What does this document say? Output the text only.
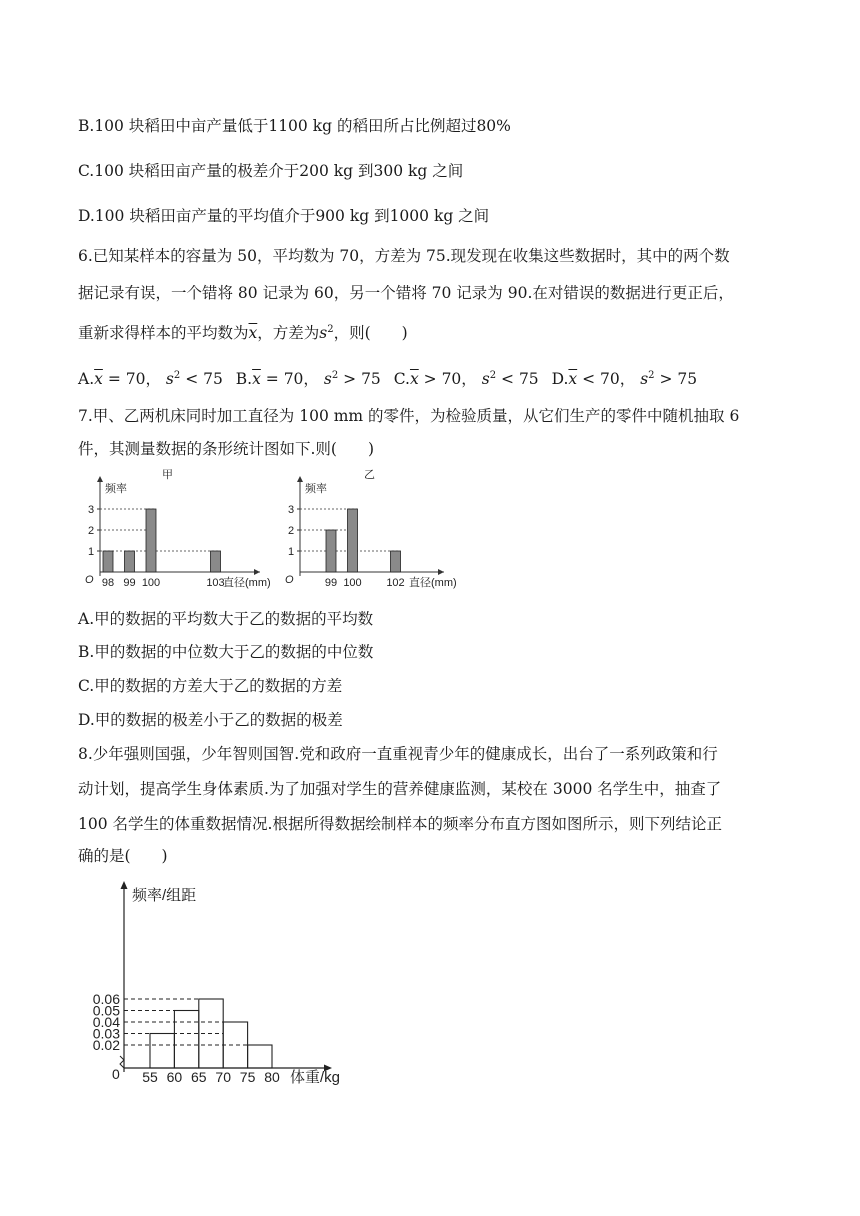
B.100 块稻田中亩产量低于1100 kg 的稻田所占比例超过80%
C.100 块稻田亩产量的极差介于200 kg 到300 kg 之间
D.100 块稻田亩产量的平均值介于900 kg 到1000 kg 之间
6.已知某样本的容量为 50，平均数为 70，方差为 75.现发现在收集这些数据时，其中的两个数
据记录有误，一个错将 80 记录为 60，另一个错将 70 记录为 90.在对错误的数据进行更正后，
重新求得样本的平均数为$\overline{x}$，方差为$s^2$，则(　　)
$A.\overline{x} = 70$， $s^2 < 75$ $B.\overline{x} = 70$， $s^2 > 75$ $C.\overline{x} > 70$， $s^2 < 75$ $D.\overline{x} < 70$， $s^2 > 75$
7.甲、乙两机床同时加工直径为 100 mm 的零件，为检验质量，从它们生产的零件中随机抽取 6
件，其测量数据的条形统计图如下.则(　　)
频率
甲
O
1
2
3
98 99 100	103
直径(mm)
频率
乙
O
1
2
3
99 100 102 直径(mm)
A.甲的数据的平均数大于乙的数据的平均数
B.甲的数据的中位数大于乙的数据的中位数
C.甲的数据的方差大于乙的数据的方差
D.甲的数据的极差小于乙的数据的极差
8.少年强则国强，少年智则国智.党和政府一直重视青少年的健康成长，出台了一系列政策和行
动计划，提高学生身体素质.为了加强对学生的营养健康监测，某校在 3000 名学生中，抽查了
100 名学生的体重数据情况.根据所得数据绘制样本的频率分布直方图如图所示，则下列结论正
确的是(　　)
频率/组距
0
0.06
0.05
0.04
0.03
0.02
55 60 65 70 75 80 体重/kg
